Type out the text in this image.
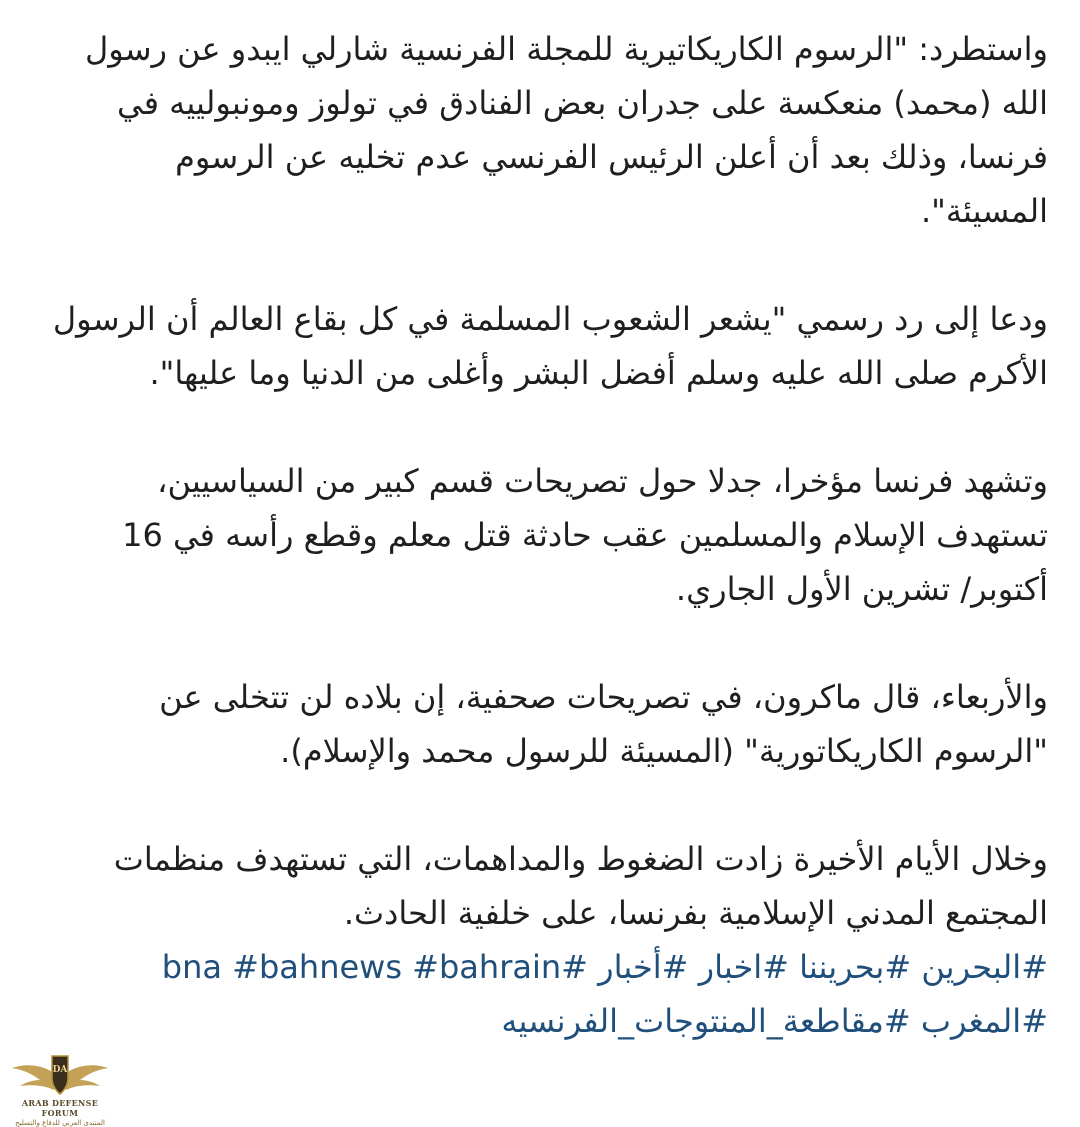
واستطرد: "الرسوم الكاريكاتيرية للمجلة الفرنسية شارلي ايبدو عن رسول الله (محمد) منعكسة على جدران بعض الفنادق في تولوز ومونبولييه في فرنسا، وذلك بعد أن أعلن الرئيس الفرنسي عدم تخليه عن الرسوم المسيئة".

ودعا إلى رد رسمي "يشعر الشعوب المسلمة في كل بقاع العالم أن الرسول الأكرم صلى الله عليه وسلم أفضل البشر وأغلى من الدنيا وما عليها".

وتشهد فرنسا مؤخرا، جدلا حول تصريحات قسم كبير من السياسيين، تستهدف الإسلام والمسلمين عقب حادثة قتل معلم وقطع رأسه في 16 أكتوبر/ تشرين الأول الجاري.

والأربعاء، قال ماكرون، في تصريحات صحفية، إن بلاده لن تتخلى عن "الرسوم الكاريكاتورية" (المسيئة للرسول محمد والإسلام).

وخلال الأيام الأخيرة زادت الضغوط والمداهمات، التي تستهدف منظمات المجتمع المدني الإسلامية بفرنسا، على خلفية الحادث.

#البحرين #بحريننا #اخبار #أخبار #bna #bahnews #bahrain
#المغرب #مقاطعة_المنتوجات_الفرنسيه
DA
ARAB DEFENSE FORUM
المنتدى العربي للدفاع والتسليح
